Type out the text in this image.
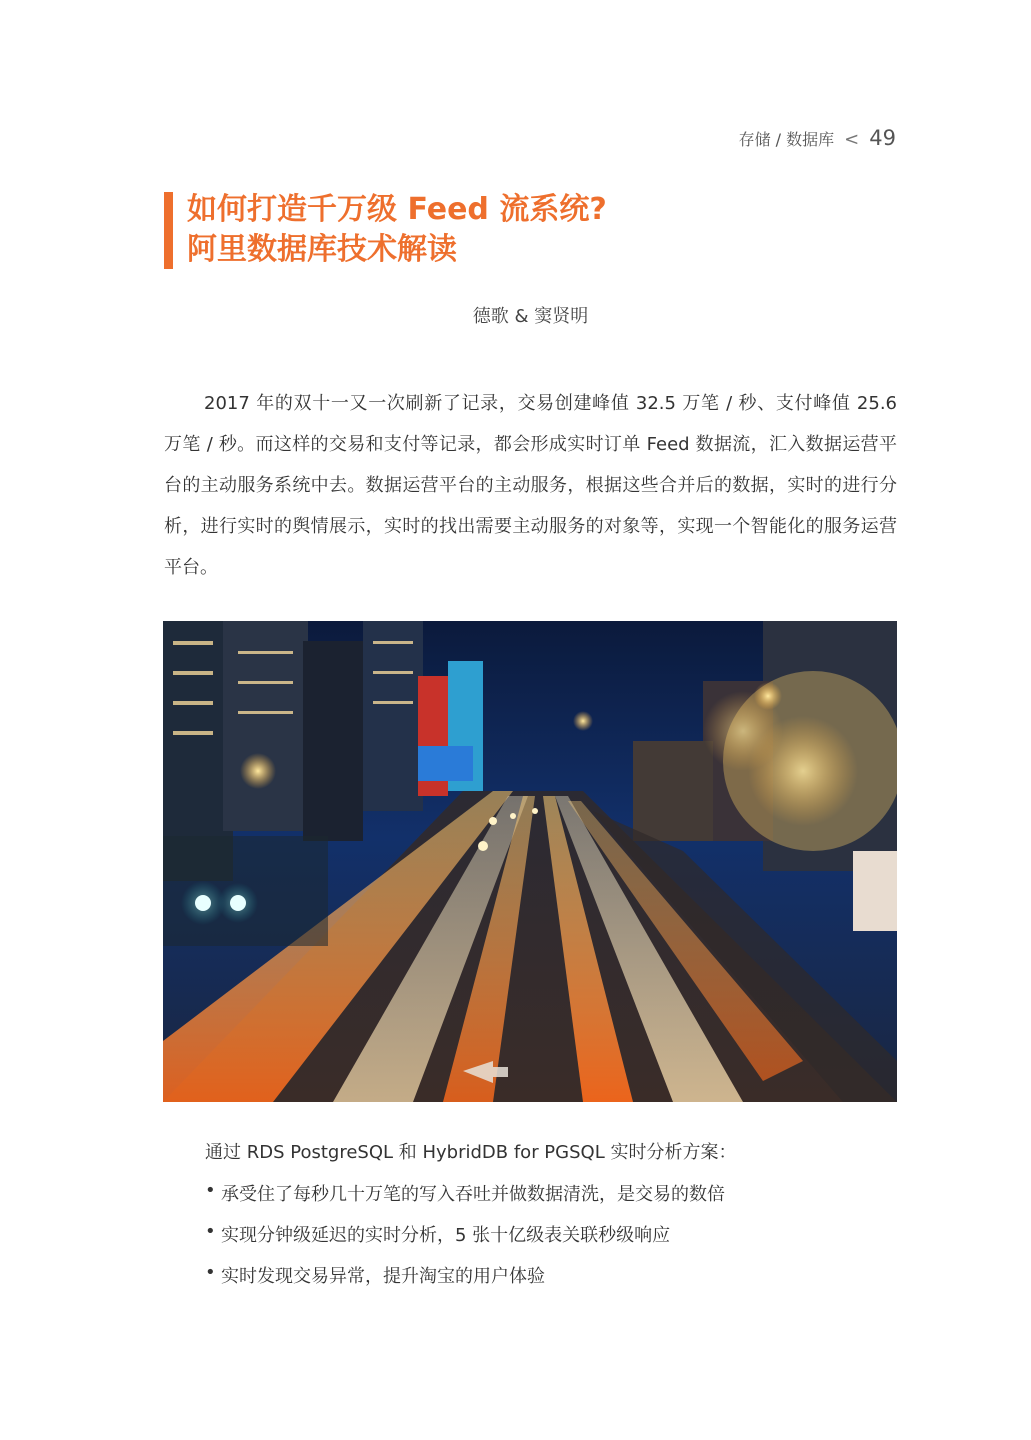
存储 / 数据库 < 49
如何打造千万级 Feed 流系统?
阿里数据库技术解读
德歌 & 窦贤明

2017 年的双十一又一次刷新了记录，交易创建峰值 32.5 万笔 / 秒、支付峰值 25.6 万笔 / 秒。而这样的交易和支付等记录，都会形成实时订单 Feed 数据流，汇入数据运营平台的主动服务系统中去。数据运营平台的主动服务，根据这些合并后的数据，实时的进行分析，进行实时的舆情展示，实时的找出需要主动服务的对象等，实现一个智能化的服务运营平台。

通过 RDS PostgreSQL 和 HybridDB for PGSQL 实时分析方案：
• 承受住了每秒几十万笔的写入吞吐并做数据清洗，是交易的数倍
• 实现分钟级延迟的实时分析，5 张十亿级表关联秒级响应
• 实时发现交易异常，提升淘宝的用户体验
